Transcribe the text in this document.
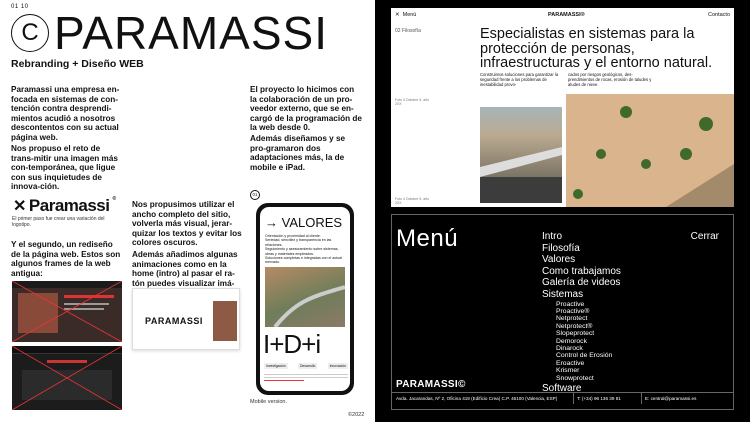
01 10
C PARAMASSI
Rebranding + Diseño WEB
Paramassi una empresa en-focada en sistemas de con-tención contra desprendi-mientos acudió a nosotros descontentos con su actual página web.
Nos propuso el reto de trans-mitir una imagen más con-temporánea, que ligue con sus inquietudes de innova-ción.
✕ Paramassi ®
El primer paso fue crear una variación del logotipo.
Y el segundo, un rediseño de la página web. Estos son algunos frames de la web antigua:
Nos propusimos utilizar el ancho completo del sitio, volverla más visual, jerar-quizar los textos y evitar los colores oscuros.
Además añadimos algunas animaciones como en la home (intro) al pasar el ra-tón puedes visualizar imá-
PARAMASSI
El proyecto lo hicimos con la colaboración de un pro-veedor externo, que se en-cargó de la programación de la web desde 0.
Además diseñamos y se pro-gramaron dos adaptaciones más, la de mobile e iPad.
01
→ VALORES
Orientación y proximidad al cliente.
Seriedad, sencillez y transparencia en las relaciones.
Seguimiento y asesoramiento sobre sistemas, obras y materiales empleados.
Soluciones completas e integradas con el actual mercado.
I+D+i
Investigación	Desarrollo	Innovación
Mobile version.
©2022
✕ Menú	PARAMASSI®	Contacto
02 Filosofía	Especialistas en sistemas para la protección de personas, infraestructuras y el entorno natural.
Construimos soluciones para garantizar la seguridad frente a los problemas de inestabilidad provo-
cados por riesgos geológicos, des-prendimientos de rocas, erosión de taludes y aludes de nieve.
Foto 4 Octubre 5, año 2XX
Foto 4 Octubre 5, año 2XX
Menú	Cerrar
Intro
Filosofía
Valores
Como trabajamos
Galería de videos
Sistemas
Proactive
Proactive®
Netprotect
Netprotect®
Slopeprotect
Demorock
Dinarock
Control de Erosión
Eroactive
Krismer
Snowprotect
Software
PARAMASSI©
Avda. Jacarandas, Nº 2, Oficina 419 (Edificio Crea) C.P. 46100 (Valencia, ESP)	T: (+34) 96 136 39 81	E: central@paramassi.es
